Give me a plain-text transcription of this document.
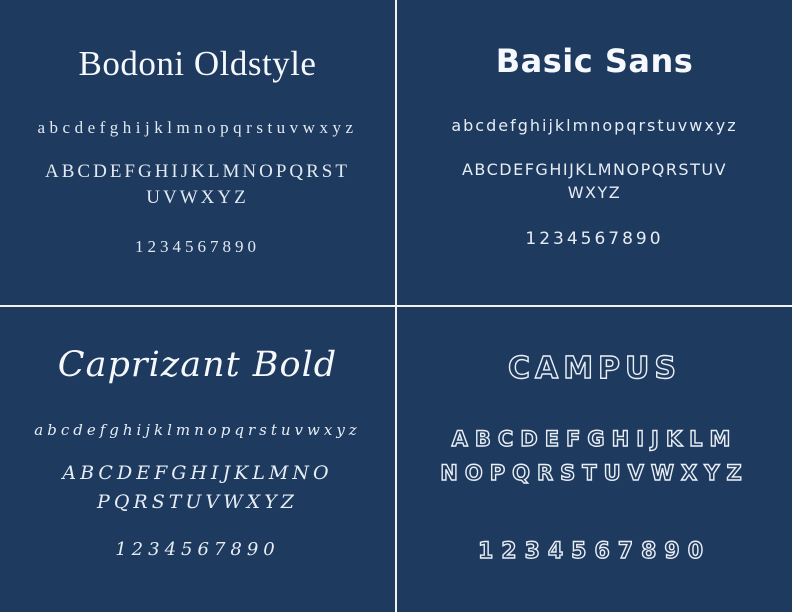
Bodoni Oldstyle
abcdefghijklmnopqrstuvwxyz
ABCDEFGHIJKLMNOPQRST
UVWXYZ
1234567890
Basic Sans
abcdefghijklmnopqrstuvwxyz
ABCDEFGHIJKLMNOPQRSTUV
WXYZ
1234567890
Caprizant Bold
abcdefghijklmnopqrstuvwxyz
ABCDEFGHIJKLMNO
PQRSTUVWXYZ
1234567890
CAMPUS
ABCDEFGHIJKLM
NOPQRSTUVWXYZ
1234567890
